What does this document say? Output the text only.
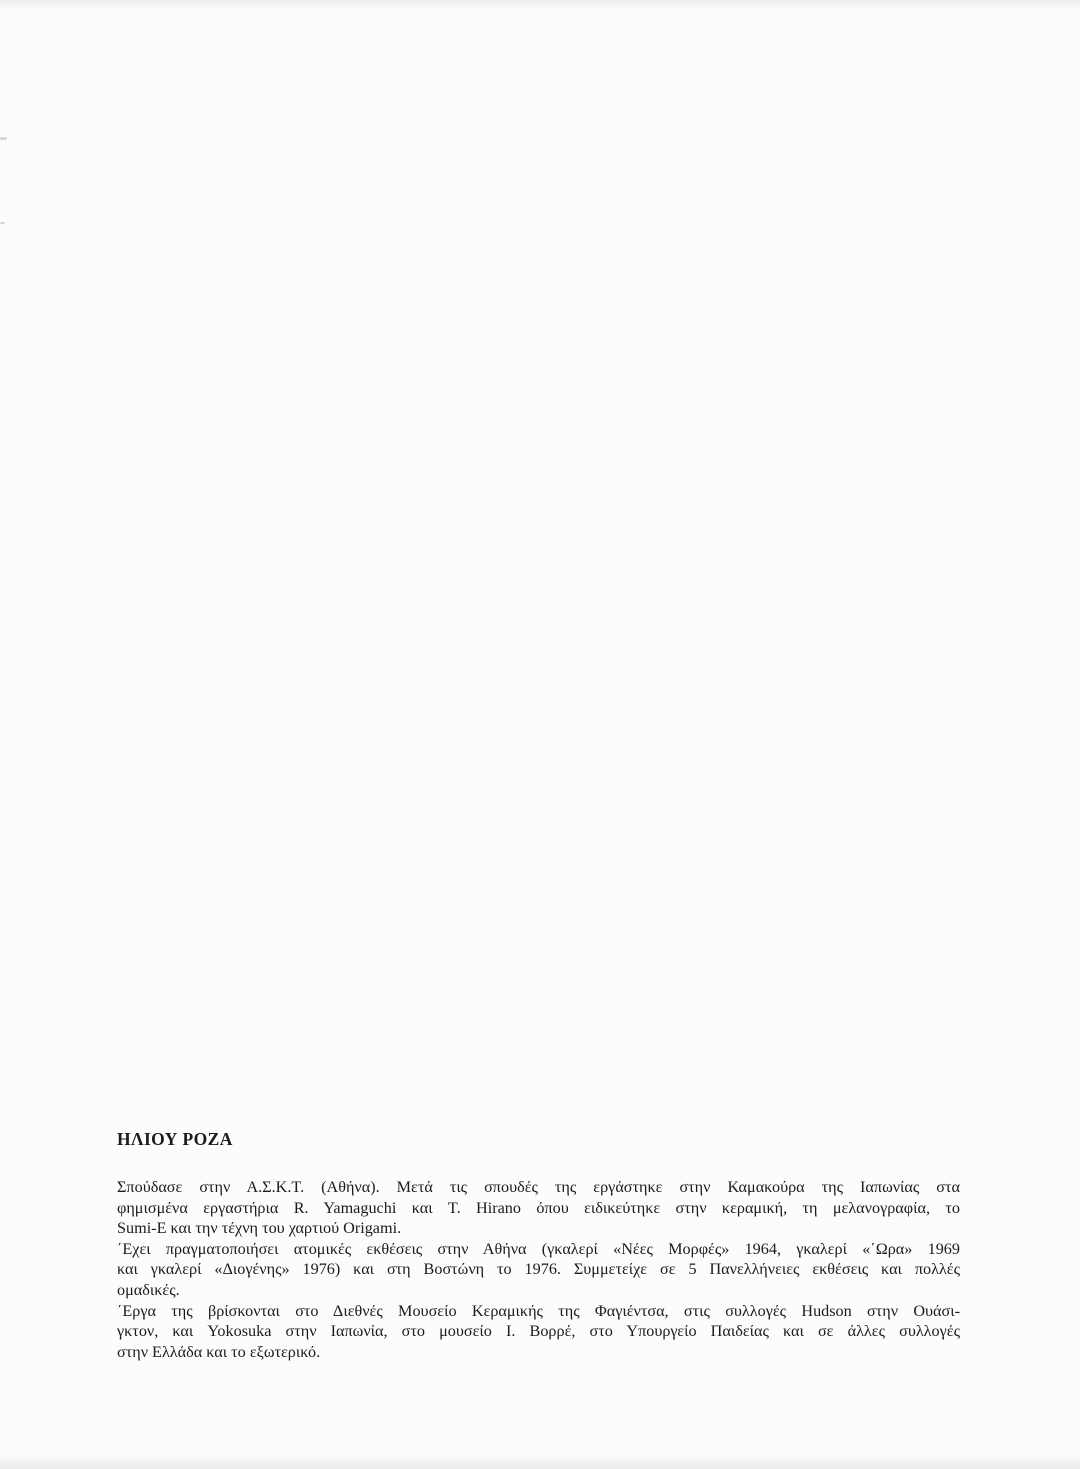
ΗΛΙΟΥ ΡΟΖΑ
Σπούδασε στην Α.Σ.Κ.Τ. (Αθήνα). Μετά τις σπουδές της εργάστηκε στην Καμακούρα της Ιαπωνίας στα
φημισμένα εργαστήρια R. Yamaguchi και T. Hirano όπου ειδικεύτηκε στην κεραμική, τη μελανογραφία, το
Sumi-E και την τέχνη του χαρτιού Origami.
΄Εχει πραγματοποιήσει ατομικές εκθέσεις στην Αθήνα (γκαλερί «Νέες Μορφές» 1964, γκαλερί «΄Ωρα» 1969
και γκαλερί «Διογένης» 1976) και στη Βοστώνη το 1976. Συμμετείχε σε 5 Πανελλήνειες εκθέσεις και πολλές
ομαδικές.
΄Εργα της βρίσκονται στο Διεθνές Μουσείο Κεραμικής της Φαγιέντσα, στις συλλογές Hudson στην Ουάσι-
γκτον, και Yokosuka στην Ιαπωνία, στο μουσείο Ι. Βορρέ, στο Υπουργείο Παιδείας και σε άλλες συλλογές
στην Ελλάδα και το εξωτερικό.
